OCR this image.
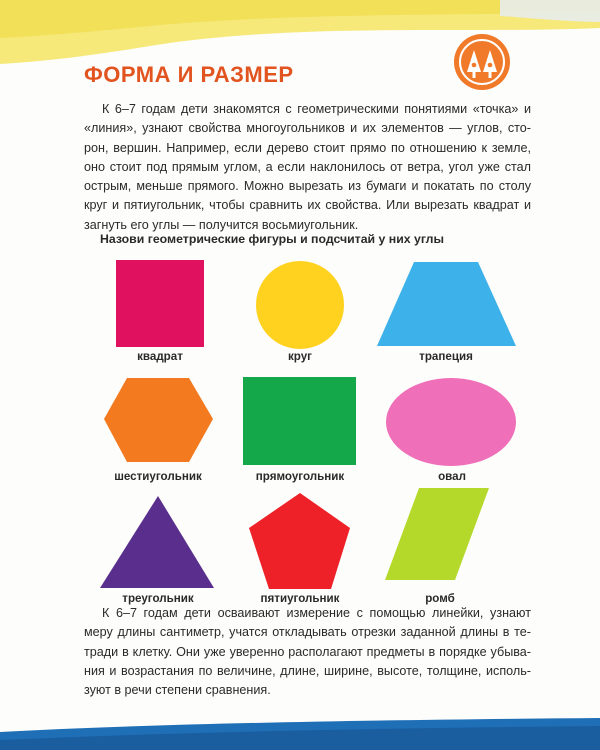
ФОРМА И РАЗМЕР
К 6–7 годам дети знакомятся с геометрическими понятиями «точка» и
«линия», узнают свойства многоугольников и их элементов — углов, сто-
рон, вершин. Например, если дерево стоит прямо по отношению к земле,
оно стоит под прямым углом, а если наклонилось от ветра, угол уже стал
острым, меньше прямого. Можно вырезать из бумаги и покатать по столу
круг и пятиугольник, чтобы сравнить их свойства. Или вырезать квадрат и
загнуть его углы — получится восьмиугольник.
Назови геометрические фигуры и подсчитай у них углы
квадрат	круг	трапеция
шестиугольник	прямоугольник	овал
треугольник	пятиугольник	ромб
К 6–7 годам дети осваивают измерение с помощью линейки, узнают
меру длины сантиметр, учатся откладывать отрезки заданной длины в те-
тради в клетку. Они уже уверенно располагают предметы в порядке убыва-
ния и возрастания по величине, длине, ширине, высоте, толщине, исполь-
зуют в речи степени сравнения.
